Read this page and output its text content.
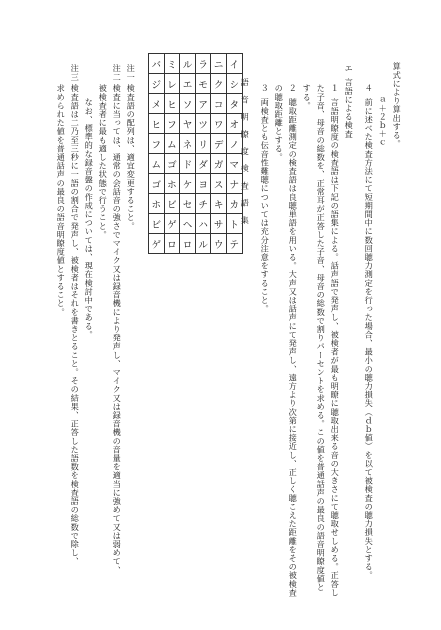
算式により算出する。
ａ＋２ｂ＋ｃ
４
前に述べた検査方法にて短期間中に数回聴力測定を行った場合、最小の聴力損失（ｄｂ値）を以て被検査の聴力損失とする。
エ
言語による検査
１
言語明瞭度の検査語は下記の語集による。話声語で発声し、被検者が最も明瞭に聴取出来る音の大きさにて聴取せしめる。正答し
た子音、母音の総数を、正常耳が正答した子音、母音の総数で割りパーセントを求める。この値を普通話声の最良の語音明瞭度値と
する。
２
聴取距離測定の検査語は良聴単語を用いる。大声又は話声にて発声し、遠方より次第に接近し、正しく聴こえた距離をその被検査
の聴取距離とする。
３
両検査とも伝音性難聴については充分注意をすること。
語　音　明　瞭　度　検　査　語　集
注一
検査語の配列は、適宜変更すること。
注二
検査に当っては、通常の会話音の強さでマイク又は録音機により発声し、マイク又は録音機の音量を適当に強めて又は弱めて、
被検査者に最も適した状態で行うこと。
なお、標準的な録音盤の作成については、現在検討中である。
注三
検査語は二乃至三秒に一語の割合で発声し、被検者はそれを書きとること。その結果、正答した語数を検査語の総数で除し、
求められた値を普通話声の最良の語音明瞭度値とすること。
バ	ミ	ル	ラ	ニ	イ
ジ	レ	エ	モ	ク	シ
メ	ヒ	ソ	ア	コ	タ
ヒ	フ	ヤ	ツ	ワ	オ
フ	ム	ネ	リ	デ	ノ
ム	ゴ	ド	ダ	ガ	マ
ゴ	ホ	ケ	ヨ	ス	ナ
ホ	ビ	セ	チ	キ	カ
ビ	ゲ	ヘ	ハ	サ	ト
ゲ	ロ	ロ	ル	ウ	テ
